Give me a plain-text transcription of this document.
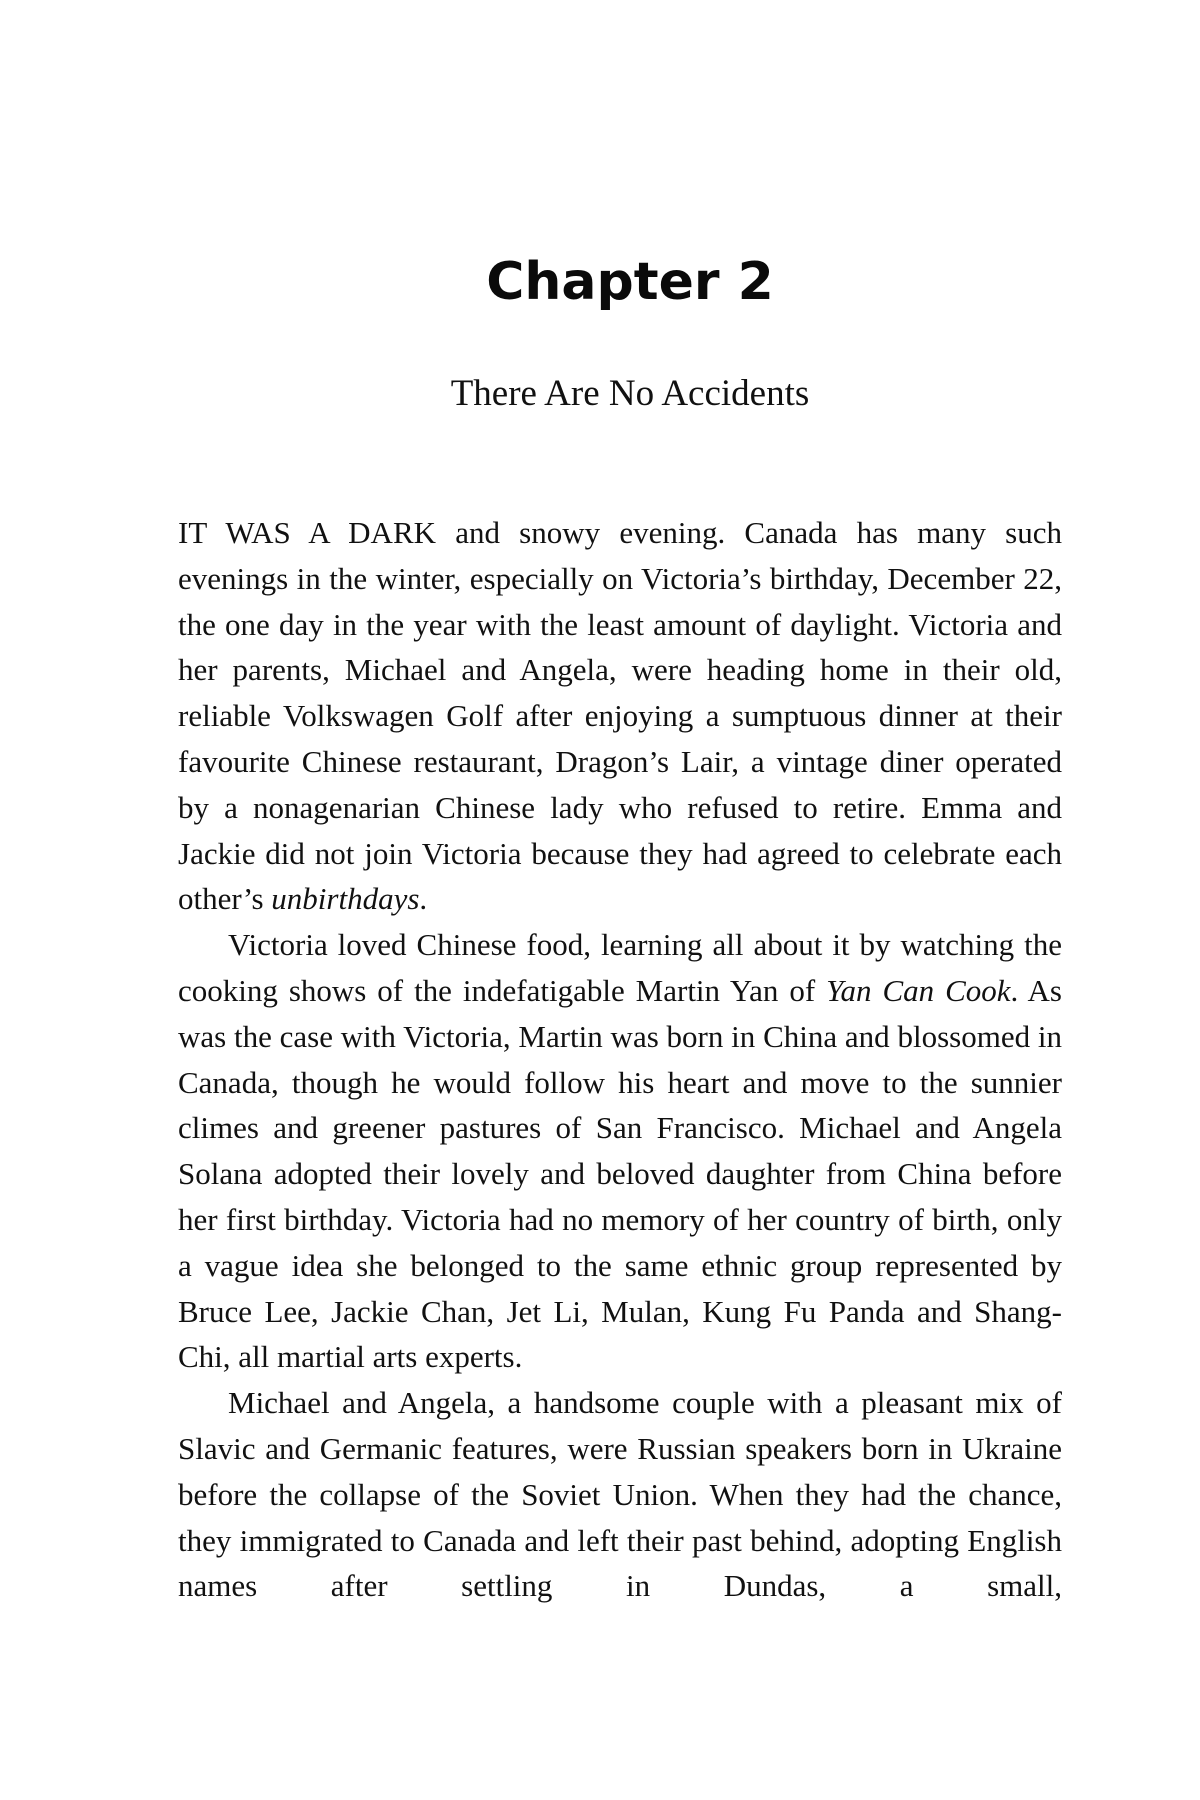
Chapter 2
There Are No Accidents

IT WAS A DARK and snowy evening. Canada has many such evenings in the winter, especially on Victoria’s birthday, December 22, the one day in the year with the least amount of daylight. Victoria and her parents, Michael and Angela, were heading home in their old, reliable Volkswagen Golf after enjoying a sumptuous dinner at their favourite Chinese restaurant, Dragon’s Lair, a vintage diner operated by a nonagenarian Chinese lady who refused to retire. Emma and Jackie did not join Victoria because they had agreed to celebrate each other’s unbirthdays.

Victoria loved Chinese food, learning all about it by watching the cooking shows of the indefatigable Martin Yan of Yan Can Cook. As was the case with Victoria, Martin was born in China and blossomed in Canada, though he would follow his heart and move to the sunnier climes and greener pastures of San Francisco. Michael and Angela Solana adopted their lovely and beloved daughter from China before her first birthday. Victoria had no memory of her country of birth, only a vague idea she belonged to the same ethnic group represented by Bruce Lee, Jackie Chan, Jet Li, Mulan, Kung Fu Panda and Shang-Chi, all martial arts experts.

Michael and Angela, a handsome couple with a pleasant mix of Slavic and Germanic features, were Russian speakers born in Ukraine before the collapse of the Soviet Union. When they had the chance, they immigrated to Canada and left their past behind, adopting English names after settling in Dundas, a small,
